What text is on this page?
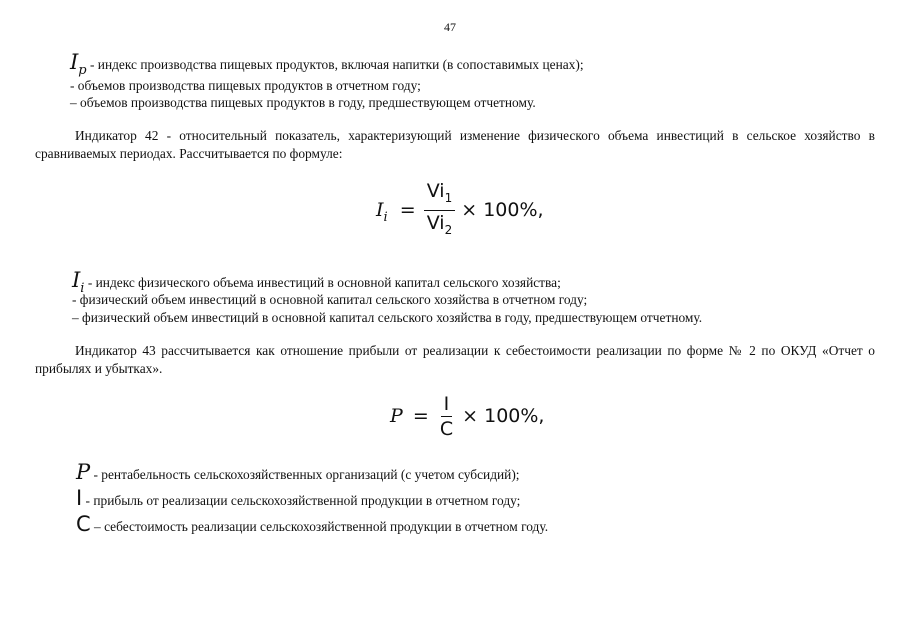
47
$I_p$ - индекс производства пищевых продуктов, включая напитки (в сопоставимых ценах);
- объемов производства пищевых продуктов в отчетном году;
– объемов производства пищевых продуктов в году, предшествующем отчетному.
Индикатор 42 - относительный показатель, характеризующий изменение физического объема инвестиций в сельское хозяйство в сравниваемых периодах. Рассчитывается по формуле:
$I_i = \frac{Vi_1}{Vi_2} \times 100\%$,
$I_i$ - индекс физического объема инвестиций в основной капитал сельского хозяйства;
- физический объем инвестиций в основной капитал сельского хозяйства в отчетном году;
– физический объем инвестиций в основной капитал сельского хозяйства в году, предшествующем отчетному.
Индикатор 43 рассчитывается как отношение прибыли от реализации к себестоимости реализации по форме № 2 по ОКУД «Отчет о прибылях и убытках».
$P = \frac{I}{C} \times 100\%$,
P - рентабельность сельскохозяйственных организаций (с учетом субсидий);
I - прибыль от реализации сельскохозяйственной продукции в отчетном году;
C – себестоимость реализации сельскохозяйственной продукции в отчетном году.
